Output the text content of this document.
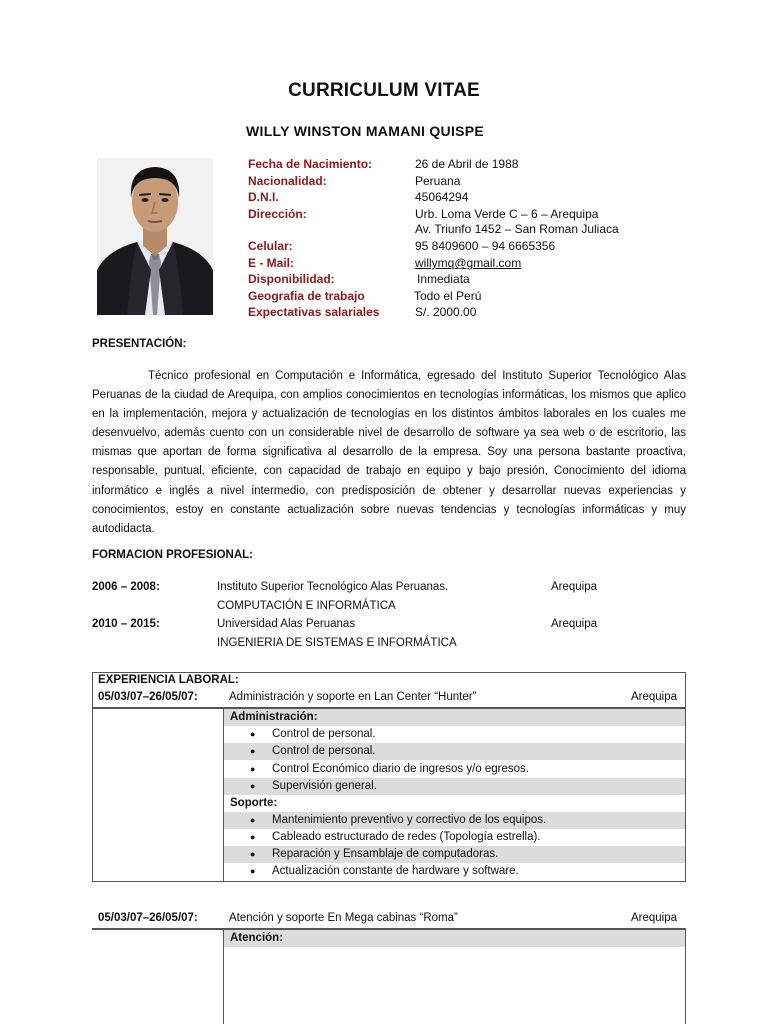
CURRICULUM VITAE
WILLY WINSTON MAMANI QUISPE
Fecha de Nacimiento:	26 de Abril de 1988
Nacionalidad:	Peruana
D.N.I.	45064294
Dirección:	Urb. Loma Verde C – 6 – Arequipa
Av. Triunfo 1452 – San Roman Juliaca
Celular:	95 8409600 – 94 6665356
E - Mail:	willymq@gmail.com
Disponibilidad:	Inmediata
Geografia de trabajo	Todo el Perú
Expectativas salariales	S/. 2000.00
PRESENTACIÓN:
Técnico profesional en Computación e Informática, egresado del Instituto Superior Tecnológico Alas Peruanas de la ciudad de Arequipa, con amplios conocimientos en tecnologías informáticas, los mismos que aplico en la implementación, mejora y actualización de tecnologías en los distintos ámbitos laborales en los cuales me desenvuelvo, además cuento con un considerable nivel de desarrollo de software ya sea web o de escritorio, las mismas que aportan de forma significativa al desarrollo de la empresa. Soy una persona bastante proactiva, responsable, puntual, eficiente, con capacidad de trabajo en equipo y bajo presión, Conocimiento del idioma informático e inglés a nivel intermedio, con predisposición de obtener y desarrollar nuevas experiencias y conocimientos, estoy en constante actualización sobre nuevas tendencias y tecnologías informáticas y muy autodidacta.
FORMACION PROFESIONAL:
2006 – 2008:	Instituto Superior Tecnológico Alas Peruanas.	Arequipa
COMPUTACIÓN E INFORMÁTICA
2010 – 2015:	Universidad Alas Peruanas	Arequipa
INGENIERIA DE SISTEMAS E INFORMÁTICA
EXPERIENCIA LABORAL:
05/03/07–26/05/07:	Administración y soporte en Lan Center “Hunter”	Arequipa
Administración:
● Control de personal.
● Control de personal.
● Control Económico diario de ingresos y/o egresos.
● Supervisión general.
Soporte:
● Mantenimiento preventivo y correctivo de los equipos.
● Cableado estructurado de redes (Topología estrella).
● Reparación y Ensamblaje de computadoras.
● Actualización constante de hardware y software.
05/03/07–26/05/07:	Atención y soporte En Mega cabinas “Roma”	Arequipa
Atención:
